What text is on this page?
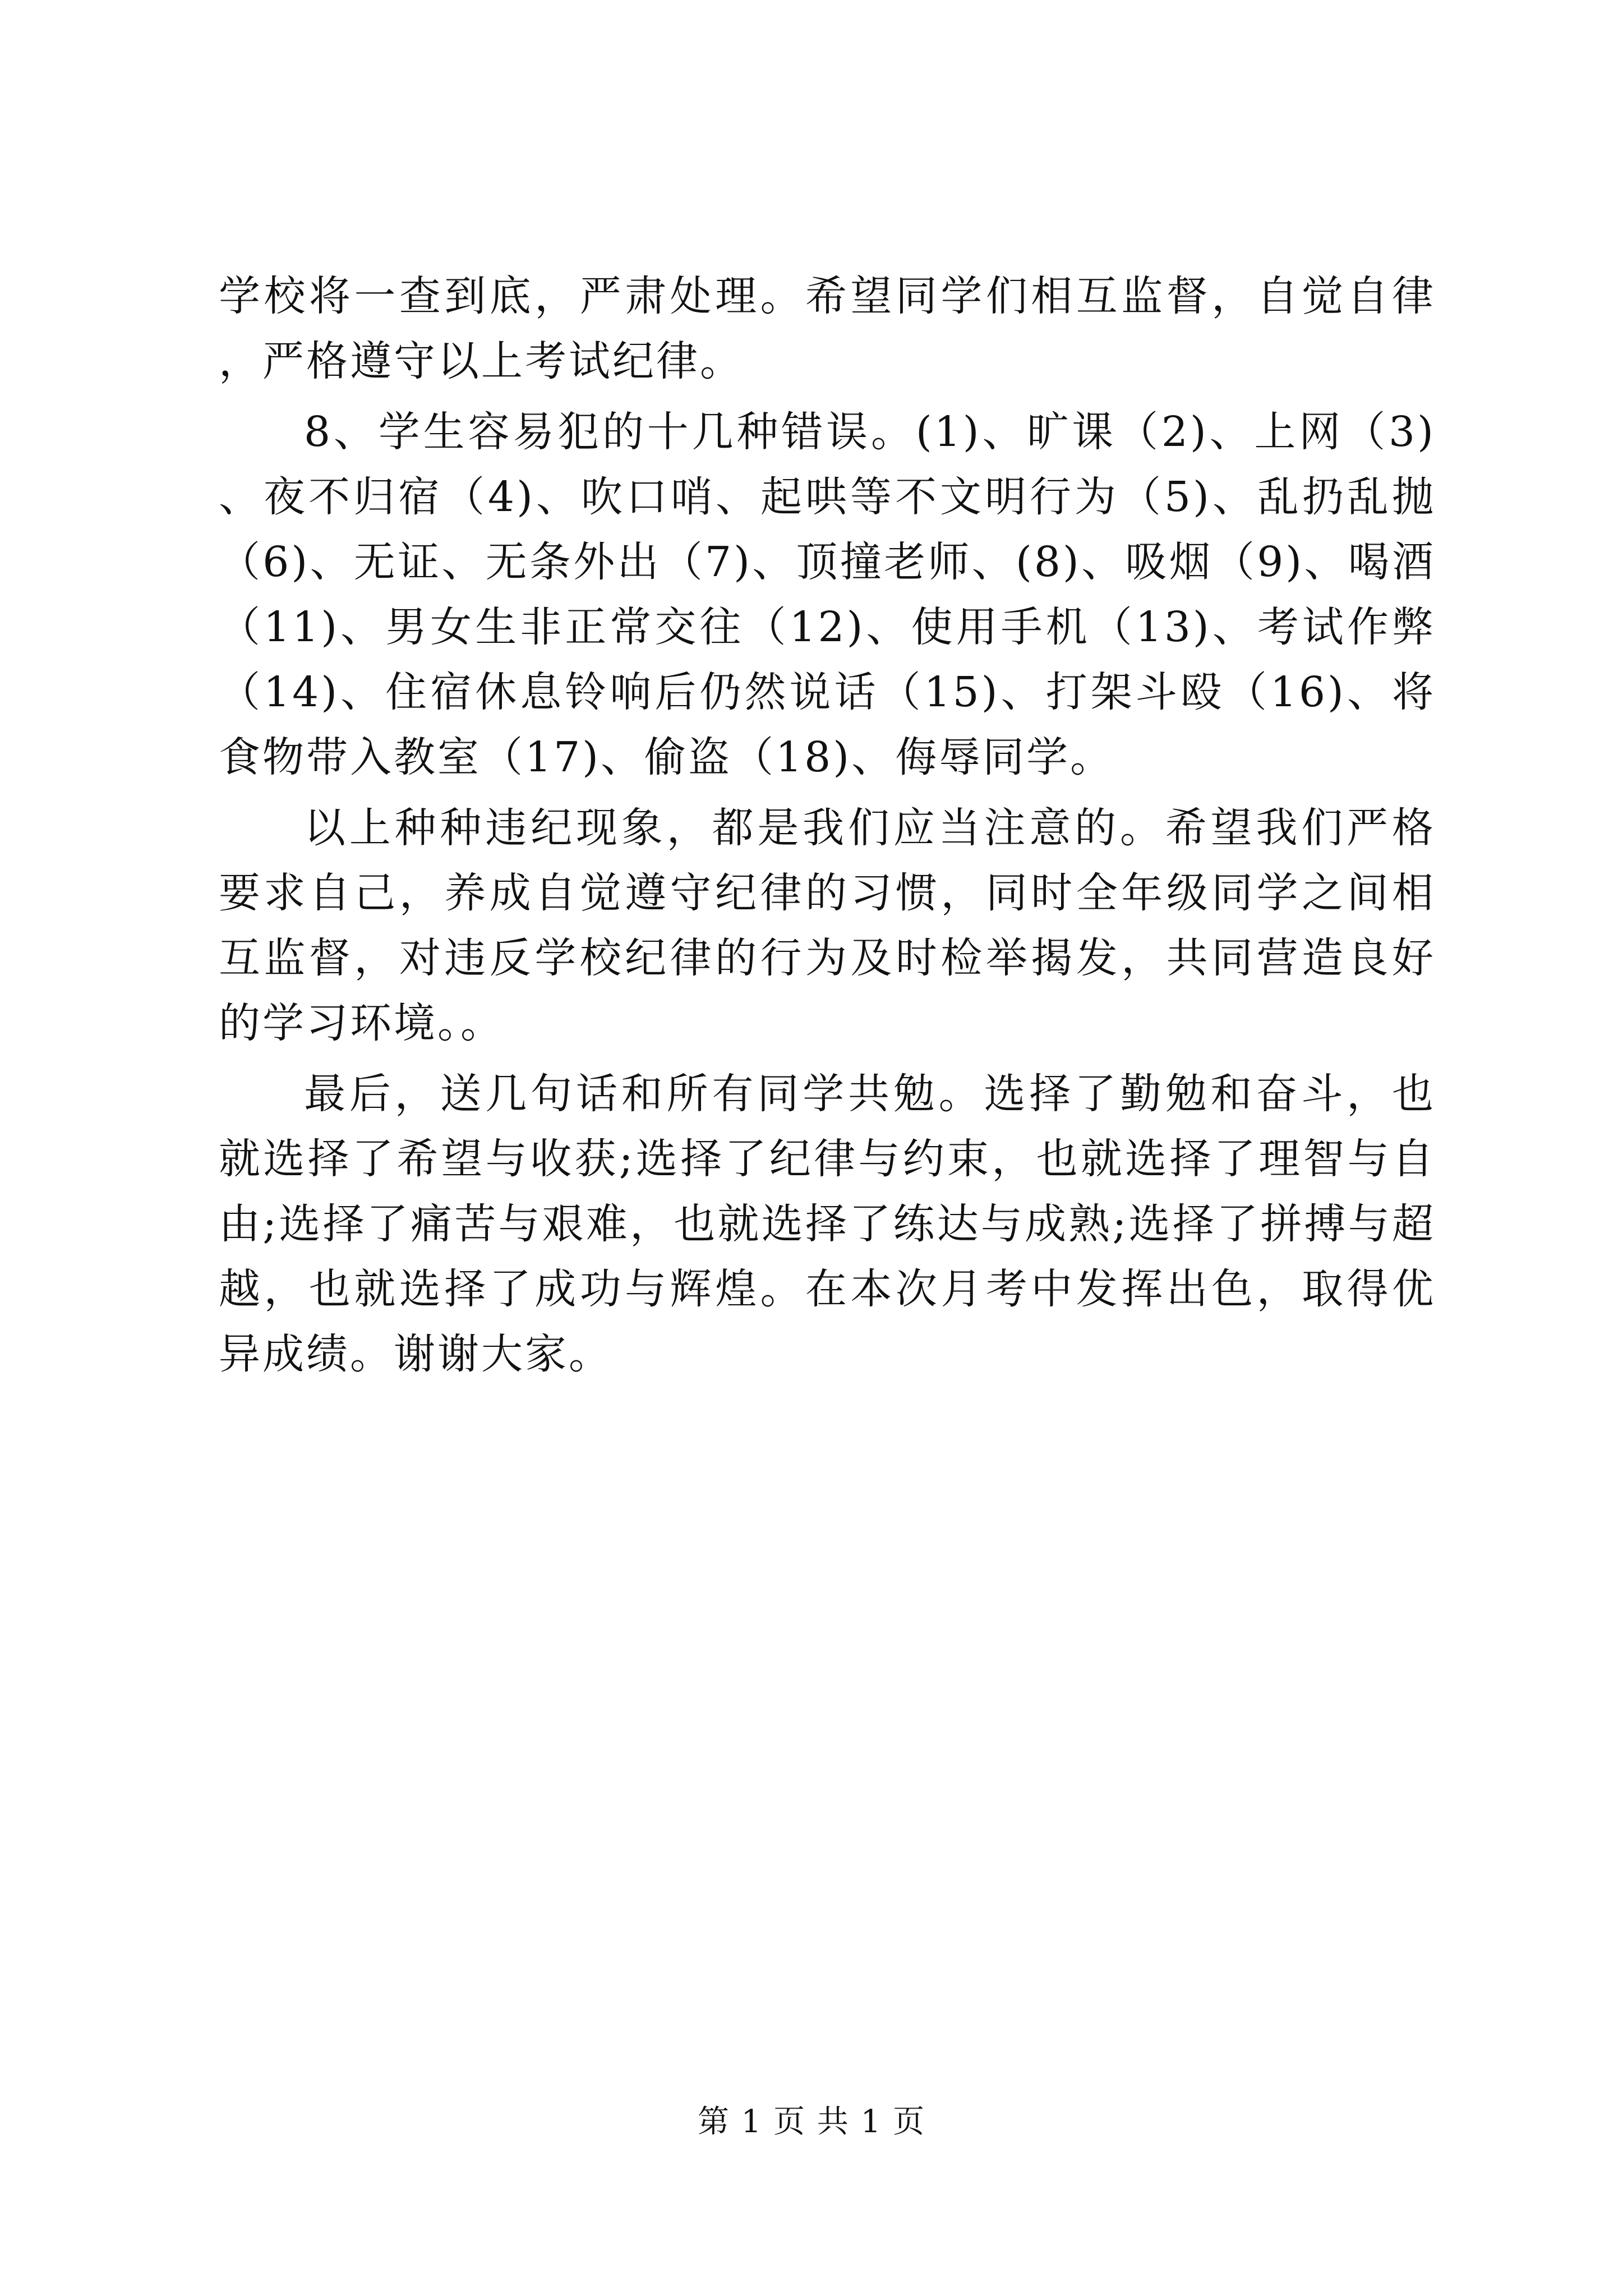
学校将一查到底，严肃处理。希望同学们相互监督，自觉自律，严格遵守以上考试纪律。

8、学生容易犯的十几种错误。(1)、旷课（2)、上网（3)、夜不归宿（4)、吹口哨、起哄等不文明行为（5)、乱扔乱抛（6)、无证、无条外出（7)、顶撞老师、(8)、吸烟（9)、喝酒（11)、男女生非正常交往（12)、使用手机（13)、考试作弊（14)、住宿休息铃响后仍然说话（15)、打架斗殴（16)、将食物带入教室（17)、偷盗（18)、侮辱同学。

以上种种违纪现象，都是我们应当注意的。希望我们严格要求自己，养成自觉遵守纪律的习惯，同时全年级同学之间相互监督，对违反学校纪律的行为及时检举揭发，共同营造良好的学习环境。。

最后，送几句话和所有同学共勉。选择了勤勉和奋斗，也就选择了希望与收获;选择了纪律与约束，也就选择了理智与自由;选择了痛苦与艰难，也就选择了练达与成熟;选择了拼搏与超越，也就选择了成功与辉煌。在本次月考中发挥出色，取得优异成绩。谢谢大家。

第 1 页 共 1 页
